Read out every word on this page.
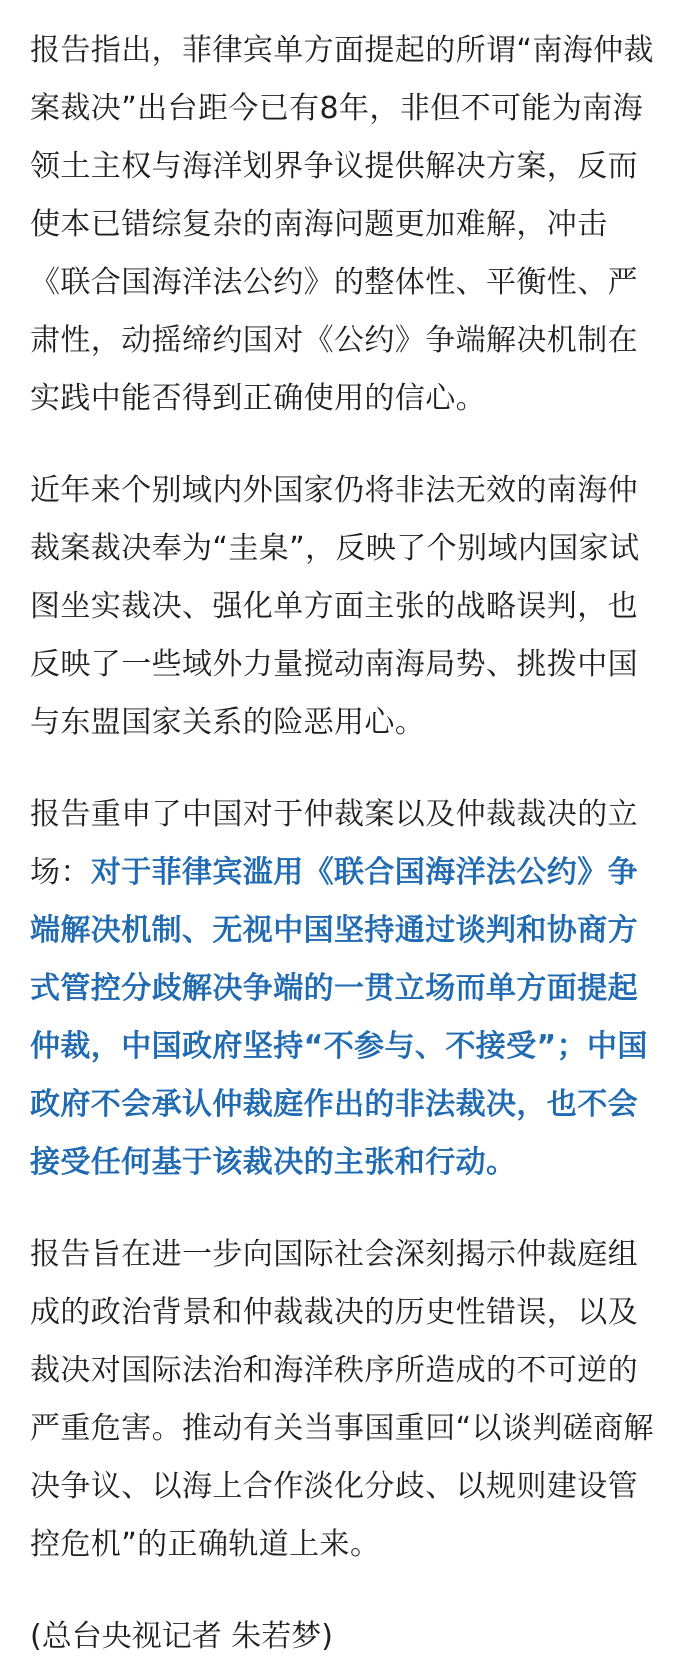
报告指出，菲律宾单方面提起的所谓“南海仲裁案裁决”出台距今已有8年，非但不可能为南海领土主权与海洋划界争议提供解决方案，反而使本已错综复杂的南海问题更加难解，冲击《联合国海洋法公约》的整体性、平衡性、严肃性，动摇缔约国对《公约》争端解决机制在实践中能否得到正确使用的信心。

近年来个别域内外国家仍将非法无效的南海仲裁案裁决奉为“圭臬”，反映了个别域内国家试图坐实裁决、强化单方面主张的战略误判，也反映了一些域外力量搅动南海局势、挑拨中国与东盟国家关系的险恶用心。

报告重申了中国对于仲裁案以及仲裁裁决的立场：对于菲律宾滥用《联合国海洋法公约》争端解决机制、无视中国坚持通过谈判和协商方式管控分歧解决争端的一贯立场而单方面提起仲裁，中国政府坚持“不参与、不接受”；中国政府不会承认仲裁庭作出的非法裁决，也不会接受任何基于该裁决的主张和行动。

报告旨在进一步向国际社会深刻揭示仲裁庭组成的政治背景和仲裁裁决的历史性错误，以及裁决对国际法治和海洋秩序所造成的不可逆的严重危害。推动有关当事国重回“以谈判磋商解决争议、以海上合作淡化分歧、以规则建设管控危机”的正确轨道上来。

(总台央视记者 朱若梦)
